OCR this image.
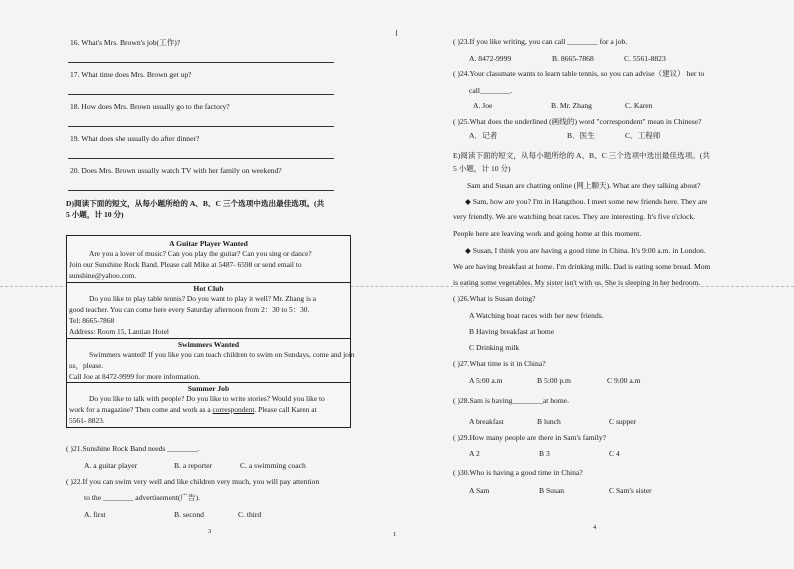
16. What's Mrs. Brown's job(工作)?
17. What time does Mrs. Brown get up?
18. How does Mrs. Brown usually go to the factory?
19. What does she usually do after dinner?
20. Does Mrs. Brown usually watch TV with her family on weekend?
D)阅读下面的短文，从每小题所给的 A、B、C 三个选项中选出最佳选项。(共
5 小题，计 10 分)
A Guitar Player Wanted
Are you a lover of music? Can you play the guitar? Can you sing or dance?
Join our Sunshine Rock Band. Please call Mike at 5487- 6598 or send email to
sunshine@yahoo.com.
Hot Club
Do you like to play table tennis? Do you want to play it well? Mr. Zhang is a
good teacher. You can come here every Saturday afternoon from 2：30 to 5：30.
Tel: 8665-7868
Address: Room 15, Lantian Hotel
Swimmers Wanted
Swimmers wanted! If you like you can teach children to swim on Sundays, come and join
us，please.
Call Joe at 8472-9999 for more information.
Summer Job
Do you like to talk with people? Do you like to write stories? Would you like to
work for a magazine? Then come and work as a correspondent. Please call Karen at
5561- 8823.
( )21.Sunshine Rock Band needs ________.
A. a guitar player	B. a reporter	C. a swimming coach
( )22.If you can swim very well and like children very much, you will pay attention
to the ________ advertisement(广告).
A. first	B. second	C. third
3	1
( )23.If you like writing, you can call ________ for a job.
A. 8472-9999	B. 8665-7868	C. 5561-8823
( )24.Your classmate wants to learn table tennis, so you can advise（建议） her to
call________.
A. Joe	B. Mr. Zhang	C. Karen
( )25.What does the underlined (画线的) word "correspondent" mean in Chinese?
A．记者	B．医生	C．工程师
E)阅读下面的短文，从每小题所给的 A、B、C 三个选项中选出最佳选项。(共
5 小题，计 10 分)
Sam and Susan are chatting online (网上聊天). What are they talking about?
◆ Sam, how are you? I'm in Hangzhou. I meet some new friends here. They are
very friendly. We are watching boat races. They are interesting. It's five o'clock.
People here are leaving work and going home at this moment.
◆ Susan, I think you are having a good time in China. It's 9:00 a.m. in London.
We are having breakfast at home. I'm drinking milk. Dad is eating some bread. Mom
is eating some vegetables. My sister isn't with us. She is sleeping in her bedroom.
( )26.What is Susan doing?
A Watching boat races with her new friends.
B Having breakfast at home
C Drinking milk
( )27.What time is it in China?
A 5:00 a.m	B 5:00 p.m	C 9:00 a.m
( )28.Sam is having________at home.
A breakfast	B lunch	C supper
( )29.How many people are there in Sam's family?
A 2	B 3	C 4
( )30.Who is having a good time in China?
A Sam	B Susan	C Sam's sister
4
